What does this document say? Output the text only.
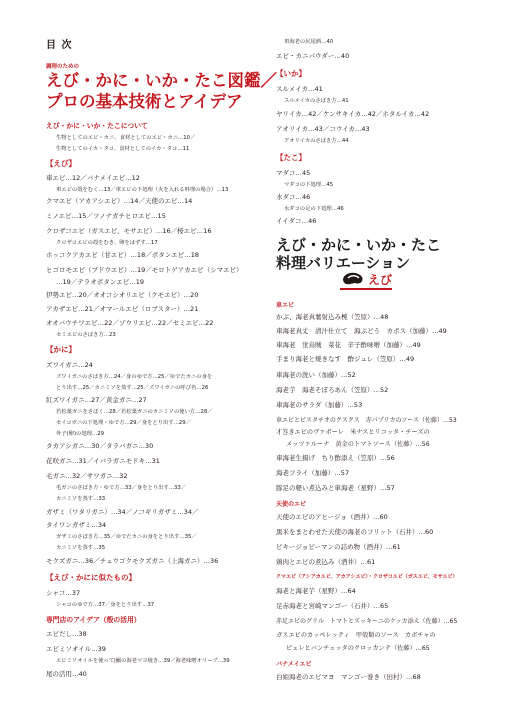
目 次
調理のための
えび・かに・いか・たこ図鑑／
プロの基本技術とアイデア
えび・かに・いか・たこについて
生物としてのエビ・カニ、食材としてのエビ・カニ…10／
生物としてのイカ・タコ、食材としてのイカ・タコ…11
【えび】
車エビ…12／バナメイエビ…12
車エビの殻をむく…13／車エビの下処理（火を入れる料理の場合）…13
クマエビ（アカアシエビ）…14／天使のエビ…14
ミノエビ…15／ツノナガチヒロエビ…15
クロザコエビ（ガスエビ、モサエビ）…16／桜エビ…16
クロザコエビの殻をむき、卵をはずす…17
ホッコクアカエビ（甘エビ）…18／ボタンエビ…18
ヒゴロモエビ（ブドウエビ）…19／モロトゲアカエビ（シマエビ）
…19／テラオボタンエビ…19
伊勢エビ…20／オオコシオリエビ（クモエビ）…20
アカザエビ…21／オマールエビ（ロブスター）…21
オオバウチワエビ…22／ゾウリエビ…22／セミエビ…22
セミエビのさばき方…23
【かに】
ズワイガニ…24
ズワイガニのさばき方…24／身のゆで方…25／ゆでたカニの身を
とり出す…25／カニミソを蒸す…25／ズワイガニの呼び名…26
紅ズワイガニ…27／黄金ガニ…27
若松葉ガニをさばく…28／若松葉ガニのカニミソの使い方…28／
セイコガニの下処理・ゆで方…29／身をとり出す…29／
外子(卵)の処理…29
タカアシガニ…30／タラバガニ…30
花咲ガニ…31／イバラガニモドキ…31
毛ガニ…32／サワガニ…32
毛ガニのさばき方・ゆで方…33／身をとり出す…33／
カニミソを蒸す…33
ガザミ（ワタリガニ）…34／ノコギリガザミ…34／
タイワンガザミ…34
ガザミのさばき方…35／ゆでたカニの身をとり出す…35／
カニミソを蒸す…35
モクズガニ…36／チュウゴクモクズガニ（上海ガニ）…36
【えび・かにに似たもの】
シャコ…37
シャコのゆで方…37／身をとり出す…37
専門店のアイデア（殻の活用）
エビだし…38
エビミソオイル…39
エビミソオイルを使って|鰯の海老マヨ焼き…39／海老味噌オリーブ…39
尾の活用…40
車海老の尻尾酒…40
エビ・カニパウダー…40
【いか】
スルメイカ…41
スルメイカのさばき方…41
ヤリイカ…42／ケンサキイカ…42／ホタルイカ…42
アオリイカ…43／コウイカ…43
アオリイカのさばき方…44
【たこ】
マダコ…45
マダコの下処理…45
水ダコ…46
水ダコの足の下処理…46
イイダコ…46
えび・かに・いか・たこ
料理バリエーション
えび
車エビ
かぶ、海老真薯射込み椀（笠原）…48
車海老真丈　清汁仕立て　海ぶどう　カボス（加藤）…49
車海老　蛍烏賊　菜花　辛子酢味噌（加藤）…49
手まり海老と焼きなす　酢ジュレ（笠原）…49
車海老の洗い（加藤）…52
海老芋　海老そぼろあん（笠原）…52
車海老のサラダ（加藤）…53
車エビとピスタチオのクスクス　赤パプリカのソース（佐藤）…53
才巻きエビのヴァポーレ　米ナスとリコッタ・チーズの
メッツァルーナ　黄金のトマトソース（佐藤）…56
車海老生揚げ　ちり酢添え（笠原）…56
海老フライ（加藤）…57
豚足の軽い煮込みと車海老（星野）…57
天使のエビ
天使のエビのアヒージョ（酒井）…60
黒米をまとわせた天使の海老のフリット（石井）…60
ピキージョピーマンの詰め物（酒井）…61
鶏肉とエビの煮込み（酒井）…61
クマエビ（アシアカエビ、アカアシエビ）・クロザコエビ（ガスエビ、モサエビ）
海老と海老芋（星野）…64
足赤海老と宮崎マンゴー（石井）…65
赤足エビのグリル　トマトとズッキーニのケッカ添え（佐藤）…65
ガスエビのカッペレッティ　甲殻類のソース　カボチャの
ピュレとバンチェッタのクロッカンテ（佐藤）…65
バナメイエビ
白姫海老のエビマヨ　マンゴー巻き（田村）…68
